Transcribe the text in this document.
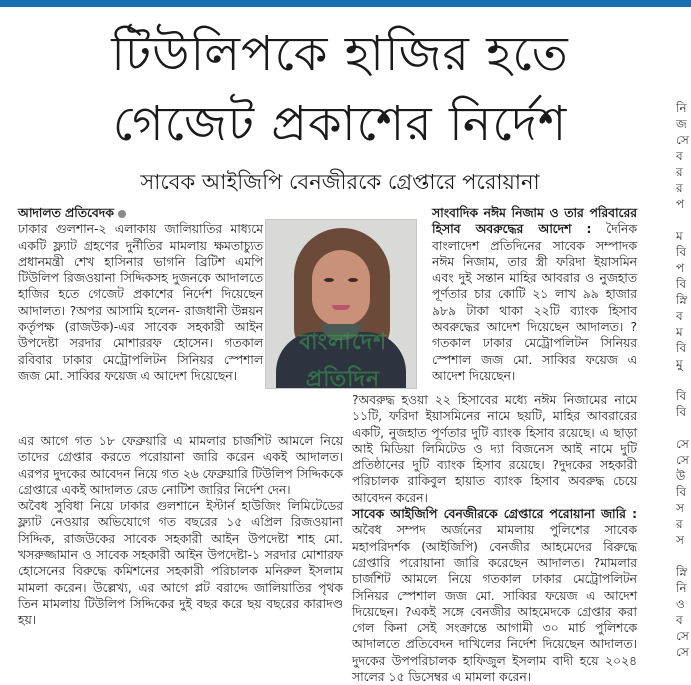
টিউলিপকে হাজির হতে
গেজেট প্রকাশের নির্দেশ
সাবেক আইজিপি বেনজীরকে গ্রেপ্তারে পরোয়ানা

আদালত প্রতিবেদক

ঢাকার গুলশান-২ এলাকায় জালিয়াতির মাধ্যমে একটি ফ্ল্যাট গ্রহণের দুর্নীতির মামলায় ক্ষমতাচ্যুত প্রধানমন্ত্রী শেখ হাসিনার ভাগনি ব্রিটিশ এমপি টিউলিপ রিজওয়ানা সিদ্দিকসহ দুজনকে আদালতে হাজির হতে গেজেট প্রকাশের নির্দেশ দিয়েছেন আদালত। ?অপর আসামি হলেন- রাজধানী উন্নয়ন কর্তৃপক্ষ (রাজউক)-এর সাবেক সহকারী আইন উপদেষ্টা সরদার মোশাররফ হোসেন। গতকাল রবিবার ঢাকার মেট্রোপলিটন সিনিয়র স্পেশাল জজ মো. সাব্বির ফয়েজ এ আদেশ দিয়েছেন।

এর আগে গত ১৮ ফেব্রুয়ারি এ মামলার চার্জশিট আমলে নিয়ে তাদের গ্রেপ্তার করতে পরোয়ানা জারি করেন একই আদালত। এরপর দুদকের আবেদন নিয়ে গত ২৬ ফেব্রুয়ারি টিউলিপ সিদ্দিককে গ্রেপ্তারে একই আদালত রেড নোটিশ জারির নির্দেশ দেন।

অবৈধ সুবিধা নিয়ে ঢাকার গুলশানে ইস্টার্ন হাউজিং লিমিটেডের ফ্ল্যাট নেওয়ার অভিযোগে গত বছরের ১৫ এপ্রিল রিজওয়ানা সিদ্দিক, রাজউকের সাবেক সহকারী আইন উপদেষ্টা শাহ মো. খসরুজ্জামান ও সাবেক সহকারী আইন উপদেষ্টা-১ সরদার মোশারফ হোসেনের বিরুদ্ধে কমিশনের সহকারী পরিচালক মনিরুল ইসলাম মামলা করেন। উল্লেখ্য, এর আগে প্লট বরাদ্দে জালিয়াতির পৃথক তিন মামলায় টিউলিপ সিদ্দিকের দুই বছর করে ছয় বছরের কারাদণ্ড হয়।

বাংলাদেশ প্রতিদিন

সাংবাদিক নঈম নিজাম ও তার পরিবারের হিসাব অবরুদ্ধের আদেশ : দৈনিক বাংলাদেশ প্রতিদিনের সাবেক সম্পাদক নঈম নিজাম, তার স্ত্রী ফরিদা ইয়াসমিন এবং দুই সন্তান মাহির আবরার ও নুজহাত পূর্ণতার চার কোটি ২১ লাখ ৯৯ হাজার ৯৮৯ টাকা থাকা ২২টি ব্যাংক হিসাব অবরুদ্ধের আদেশ দিয়েছেন আদালত। ?গতকাল ঢাকার মেট্রোপলিটন সিনিয়র স্পেশাল জজ মো. সাব্বির ফয়েজ এ আদেশ দিয়েছেন।

?অবরুদ্ধ হওয়া ২২ হিসাবের মধ্যে নঈম নিজামের নামে ১১টি, ফরিদা ইয়াসমিনের নামে ছয়টি, মাহির আবরারের একটি, নুজহাত পূর্ণতার দুটি ব্যাংক হিসাব রয়েছে। এ ছাড়া আই মিডিয়া লিমিটেড ও দ্যা বিজনেস আই নামে দুটি প্রতিষ্ঠানের দুটি ব্যাংক হিসাব রয়েছে। ?দুদকের সহকারী পরিচালক রাকিবুল হায়াত ব্যাংক হিসাব অবরুদ্ধ চেয়ে আবেদন করেন।

সাবেক আইজিপি বেনজীরকে গ্রেপ্তারে পরোয়ানা জারি : অবৈধ সম্পদ অর্জনের মামলায় পুলিশের সাবেক মহাপরিদর্শক (আইজিপি) বেনজীর আহমেদের বিরুদ্ধে গ্রেপ্তারি পরোয়ানা জারি করেছেন আদালত। ?মামলার চার্জশিট আমলে নিয়ে গতকাল ঢাকার মেট্রোপলিটন সিনিয়র স্পেশাল জজ মো. সাব্বির ফয়েজ এ আদেশ দিয়েছেন। ?একই সঙ্গে বেনজীর আহমেদকে গ্রেপ্তার করা গেল কিনা সেই সংক্রান্তে আগামী ৩০ মার্চ পুলিশকে আদালতে প্রতিবেদন দাখিলের নির্দেশ দিয়েছেন আদালত। দুদকের উপপরিচালক হাফিজুল ইসলাম বাদী হয়ে ২০২৪ সালের ১৫ ডিসেম্বর এ মামলা করেন।

নি
জ
সে
ব
র
র
প

ম
বি
প
বি
স্নি
ব
ম
বি
মু

বি
বি

সে
সে
উ
বি
স
র
স

স্নি
নি
ও
ব
সে
সে
